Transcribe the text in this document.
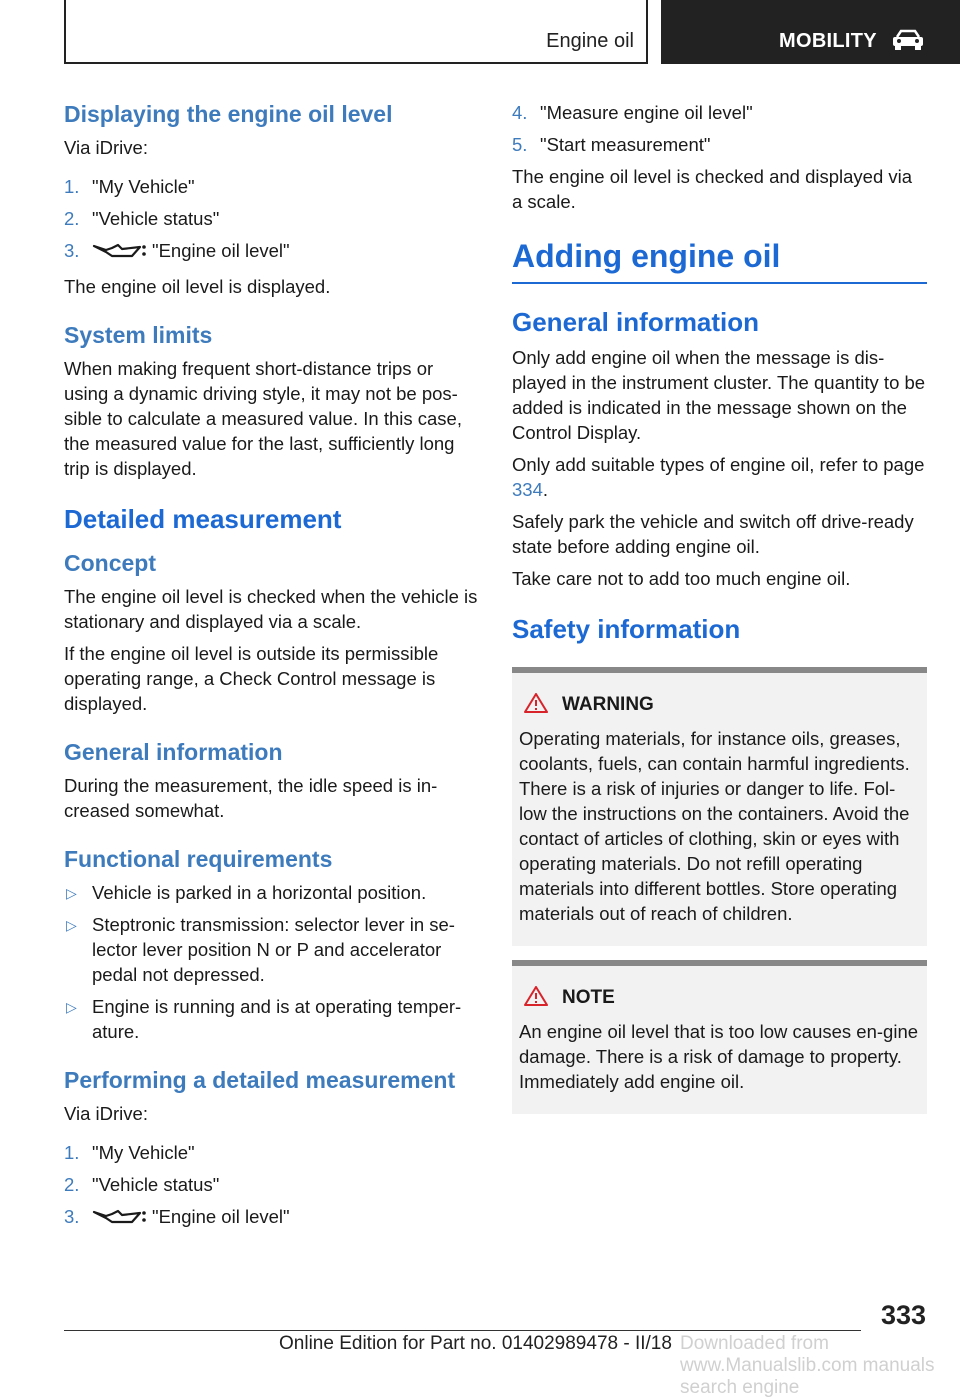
Engine oil	MOBILITY
Displaying the engine oil level

Via iDrive:

1. "My Vehicle"
2. "Vehicle status"
3.	"Engine oil level"

The engine oil level is displayed.

System limits

When making frequent short-distance trips or using a dynamic driving style, it may not be pos-sible to calculate a measured value. In this case, the measured value for the last, sufficiently long trip is displayed.

Detailed measurement
Concept

The engine oil level is checked when the vehicle is stationary and displayed via a scale.

If the engine oil level is outside its permissible operating range, a Check Control message is displayed.

General information

During the measurement, the idle speed is in-creased somewhat.

Functional requirements
▷ Vehicle is parked in a horizontal position.
▷ Steptronic transmission: selector lever in se-lector lever position N or P and accelerator pedal not depressed.
▷ Engine is running and is at operating temper-ature.
Performing a detailed measurement

Via iDrive:

1. "My Vehicle"
2. "Vehicle status"
3.	"Engine oil level"
4. "Measure engine oil level"
5. "Start measurement"

The engine oil level is checked and displayed via a scale.

Adding engine oil
General information

Only add engine oil when the message is dis-played in the instrument cluster. The quantity to be added is indicated in the message shown on the Control Display.

Only add suitable types of engine oil, refer to page 334.

Safely park the vehicle and switch off drive-ready state before adding engine oil.

Take care not to add too much engine oil.

Safety information
WARNING

Operating materials, for instance oils, greases, coolants, fuels, can contain harmful ingredients. There is a risk of injuries or danger to life. Fol-low the instructions on the containers. Avoid the contact of articles of clothing, skin or eyes with operating materials. Do not refill operating materials into different bottles. Store operating materials out of reach of children.

NOTE

An engine oil level that is too low causes en-gine damage. There is a risk of damage to property. Immediately add engine oil.

333
Online Edition for Part no. 01402989478 - II/18 Downloaded from www.Manualslib.com manuals search engine
